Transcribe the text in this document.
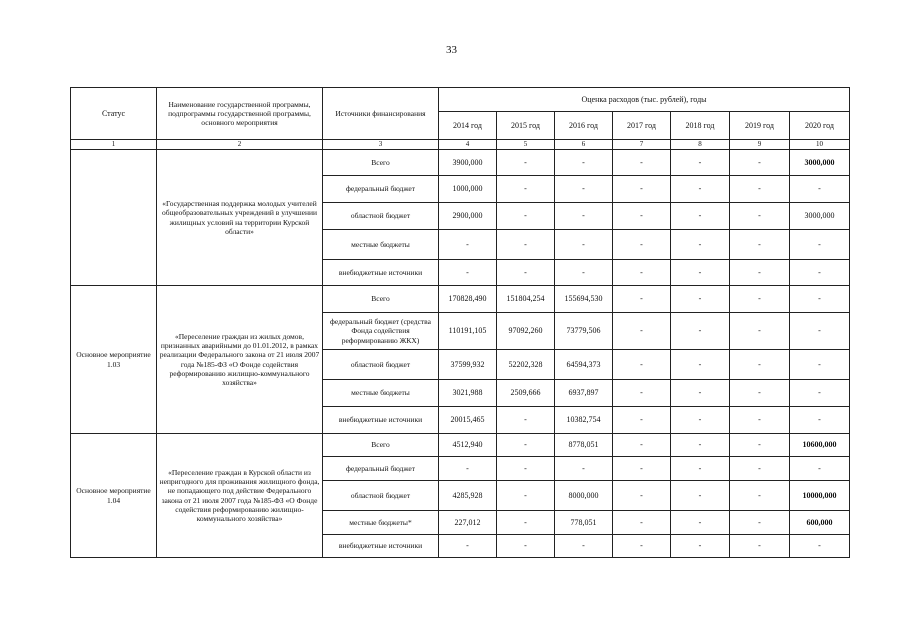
33
Статус	Наименование государственной программы, подпрограммы государственной программы, основного мероприятия	Источники финансирования	Оценка расходов (тыс. рублей), годы						
			2014 год	2015 год	2016 год	2017 год	2018 год	2019 год	2020 год
1	2	3	4	5	6	7	8	9	10
	«Государственная поддержка молодых учителей общеобразовательных учреждений в улучшении жилищных условий на территории Курской области»	Всего	3900,000	-	-	-	-	-	3000,000
		федеральный бюджет	1000,000	-	-	-	-	-	-
		областной бюджет	2900,000	-	-	-	-	-	3000,000
		местные бюджеты	-	-	-	-	-	-	-
		внебюджетные источники	-	-	-	-	-	-	-
Основное мероприятие 1.03	«Переселение граждан из жилых домов, признанных аварийными до 01.01.2012, в рамках реализации Федерального закона от 21 июля 2007 года №185-ФЗ «О Фонде содействия реформированию жилищно-коммунального хозяйства»	Всего	170828,490	151804,254	155694,530	-	-	-	-
		федеральный бюджет (средства Фонда содействия реформированию ЖКХ)	110191,105	97092,260	73779,506	-	-	-	-
		областной бюджет	37599,932	52202,328	64594,373	-	-	-	-
		местные бюджеты	3021,988	2509,666	6937,897	-	-	-	-
		внебюджетные источники	20015,465	-	10382,754	-	-	-	-
Основное мероприятие 1.04	«Переселение граждан в Курской области из непригодного для проживания жилищного фонда, не попадающего под действие Федерального закона от 21 июля 2007 года №185-ФЗ «О Фонде содействия реформированию жилищно-коммунального хозяйства»	Всего	4512,940	-	8778,051	-	-	-	10600,000
		федеральный бюджет	-	-	-	-	-	-	-
		областной бюджет	4285,928	-	8000,000	-	-	-	10000,000
		местные бюджеты*	227,012	-	778,051	-	-	-	600,000
		внебюджетные источники	-	-	-	-	-	-	-
